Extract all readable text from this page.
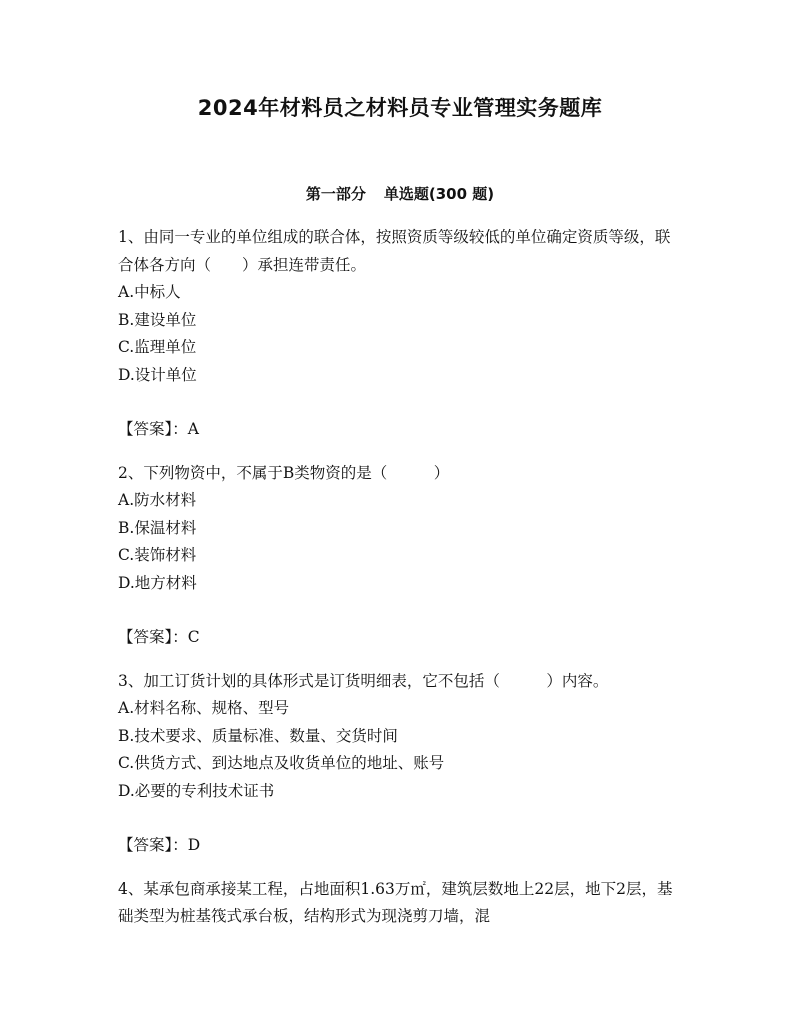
2024年材料员之材料员专业管理实务题库
第一部分 单选题(300 题)

1、由同一专业的单位组成的联合体，按照资质等级较低的单位确定资质等级，联合体各方向（　　）承担连带责任。

A.中标人

B.建设单位

C.监理单位

D.设计单位

【答案】：A

2、下列物资中，不属于B类物资的是（　　　）

A.防水材料

B.保温材料

C.装饰材料

D.地方材料

【答案】：C

3、加工订货计划的具体形式是订货明细表，它不包括（　　　）内容。

A.材料名称、规格、型号

B.技术要求、质量标准、数量、交货时间

C.供货方式、到达地点及收货单位的地址、账号

D.必要的专利技术证书

【答案】：D

4、某承包商承接某工程，占地面积1.63万㎡，建筑层数地上22层，地下2层，基础类型为桩基筏式承台板，结构形式为现浇剪刀墙，混
